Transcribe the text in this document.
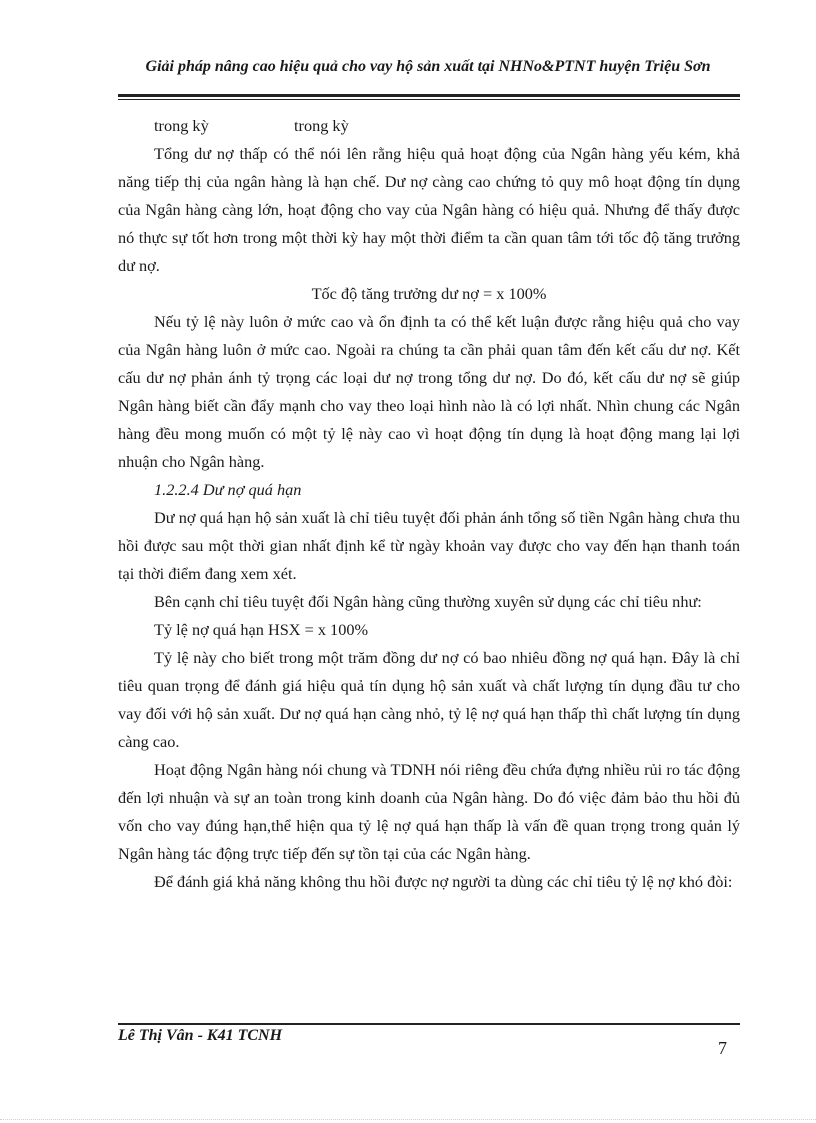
Giải pháp nâng cao hiệu quả cho vay hộ sản xuất tại NHNo&PTNT huyện Triệu Sơn

trong kỳ	trong kỳ

Tổng dư nợ thấp có thể nói lên rằng hiệu quả hoạt động của Ngân hàng yếu kém, khả năng tiếp thị của ngân hàng là hạn chế. Dư nợ càng cao chứng tỏ quy mô hoạt động tín dụng của Ngân hàng càng lớn, hoạt động cho vay của Ngân hàng có hiệu quả. Nhưng để thấy được nó thực sự tốt hơn trong một thời kỳ hay một thời điểm ta cần quan tâm tới tốc độ tăng trưởng dư nợ.

Tốc độ tăng trưởng dư nợ = x 100%

Nếu tỷ lệ này luôn ở mức cao và ổn định ta có thể kết luận được rằng hiệu quả cho vay của Ngân hàng luôn ở mức cao. Ngoài ra chúng ta cần phải quan tâm đến kết cấu dư nợ. Kết cấu dư nợ phản ánh tỷ trọng các loại dư nợ trong tổng dư nợ. Do đó, kết cấu dư nợ sẽ giúp Ngân hàng biết cần đẩy mạnh cho vay theo loại hình nào là có lợi nhất. Nhìn chung các Ngân hàng đều mong muốn có một tỷ lệ này cao vì hoạt động tín dụng là hoạt động mang lại lợi nhuận cho Ngân hàng.

1.2.2.4 Dư nợ quá hạn

Dư nợ quá hạn hộ sản xuất là chỉ tiêu tuyệt đối phản ánh tổng số tiền Ngân hàng chưa thu hồi được sau một thời gian nhất định kể từ ngày khoản vay được cho vay đến hạn thanh toán tại thời điểm đang xem xét.

Bên cạnh chỉ tiêu tuyệt đối Ngân hàng cũng thường xuyên sử dụng các chỉ tiêu như:

Tỷ lệ nợ quá hạn HSX = x 100%

Tỷ lệ này cho biết trong một trăm đồng dư nợ có bao nhiêu đồng nợ quá hạn. Đây là chỉ tiêu quan trọng để đánh giá hiệu quả tín dụng hộ sản xuất và chất lượng tín dụng đầu tư cho vay đối với hộ sản xuất. Dư nợ quá hạn càng nhỏ, tỷ lệ nợ quá hạn thấp thì chất lượng tín dụng càng cao.

Hoạt động Ngân hàng nói chung và TDNH nói riêng đều chứa đựng nhiều rủi ro tác động đến lợi nhuận và sự an toàn trong kinh doanh của Ngân hàng. Do đó việc đảm bảo thu hồi đủ vốn cho vay đúng hạn,thể hiện qua tỷ lệ nợ quá hạn thấp là vấn đề quan trọng trong quản lý Ngân hàng tác động trực tiếp đến sự tồn tại của các Ngân hàng.

Để đánh giá khả năng không thu hồi được nợ người ta dùng các chỉ tiêu tỷ lệ nợ khó đòi:

Lê Thị Vân - K41 TCNH
7
